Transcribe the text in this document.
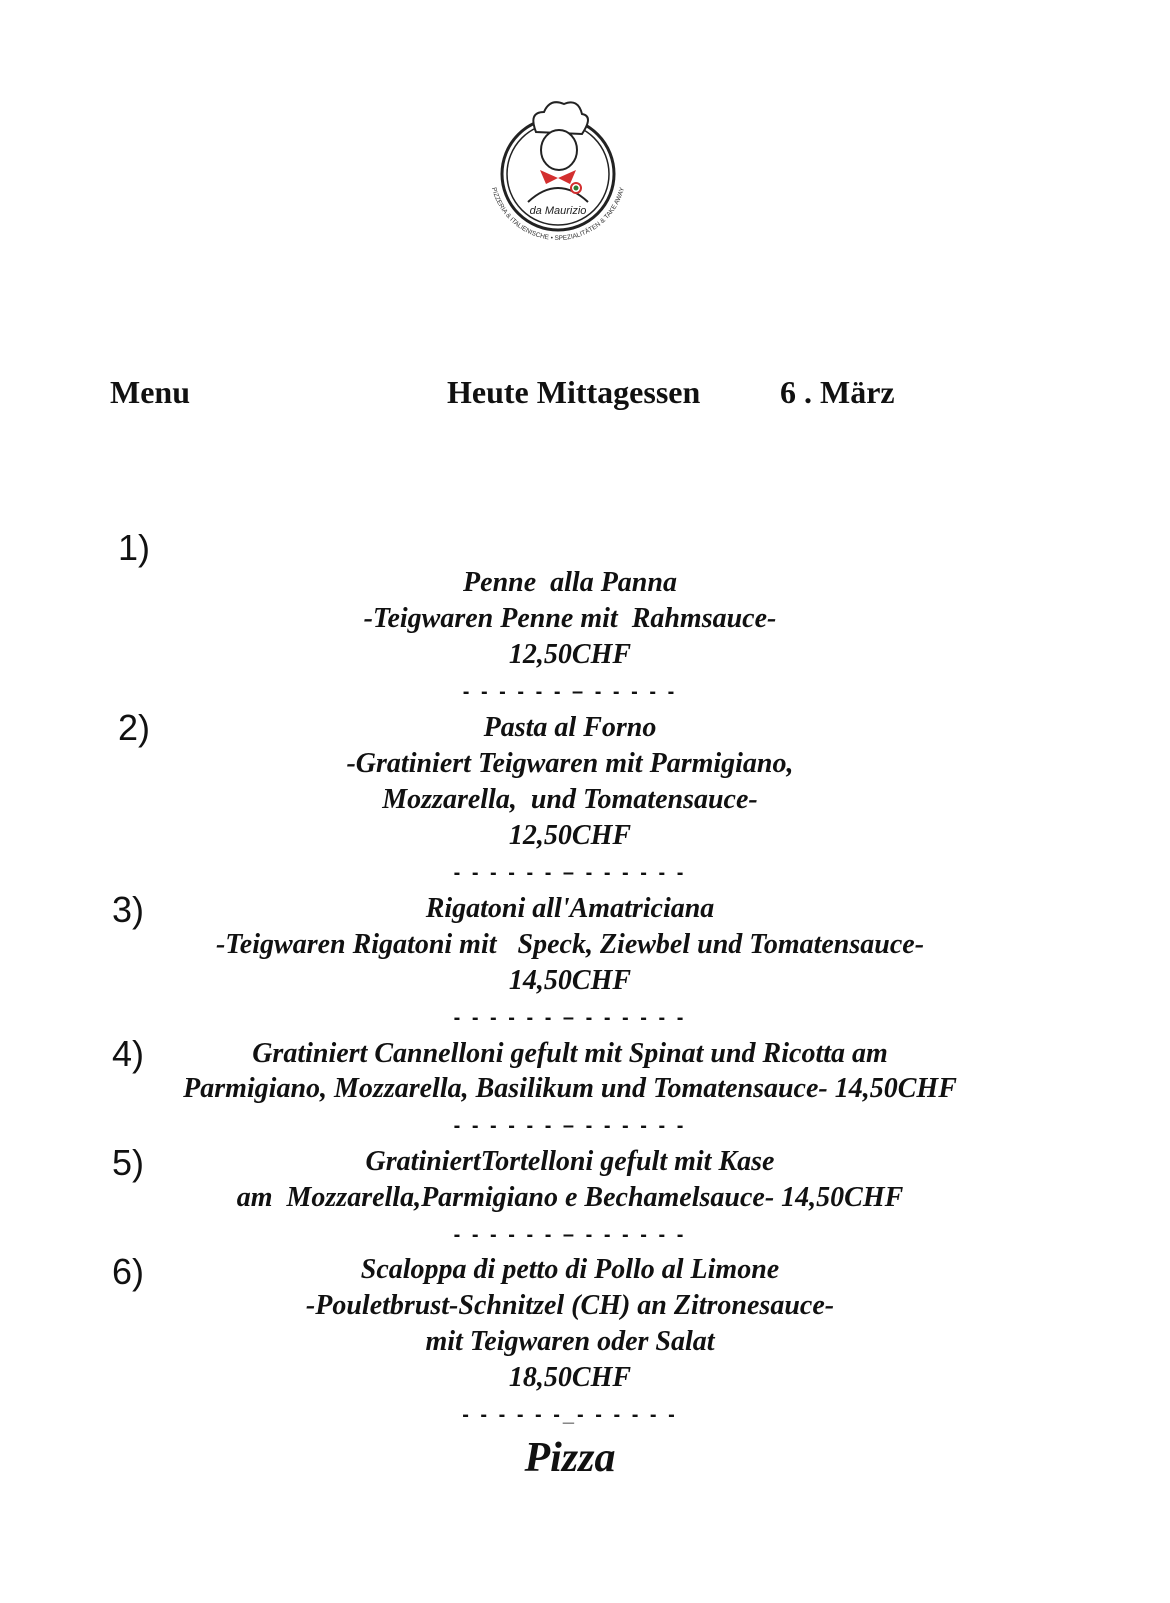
da Maurizio
PIZZERIA & ITALIENISCHE • SPEZIALITÄTEN & TAKE AWAY
Menu	Heute Mittagessen 6 . März
1)
Penne  alla Panna
-Teigwaren Penne mit  Rahmsauce-
12,50CHF
- - - - - - – - - - - -
2)	Pasta al Forno
-Gratiniert Teigwaren mit Parmigiano,
Mozzarella,  und Tomatensauce-
12,50CHF
- - - - - - – - - - - - -
3)	Rigatoni all'Amatriciana
-Teigwaren Rigatoni mit   Speck, Ziewbel und Tomatensauce-
14,50CHF
- - - - - - – - - - - - -
4)	Gratiniert Cannelloni gefult mit Spinat und Ricotta am
Parmigiano, Mozzarella, Basilikum und Tomatensauce- 14,50CHF
- - - - - - – - - - - - -
5)	GratiniertTortelloni gefult mit Kase
am  Mozzarella,Parmigiano e Bechamelsauce- 14,50CHF
- - - - - - – - - - - - -
6)	Scaloppa di petto di Pollo al Limone
-Pouletbrust-Schnitzel (CH) an Zitronesauce-
mit Teigwaren oder Salat
18,50CHF
- - - - - -_- - - - - -
Pizza
